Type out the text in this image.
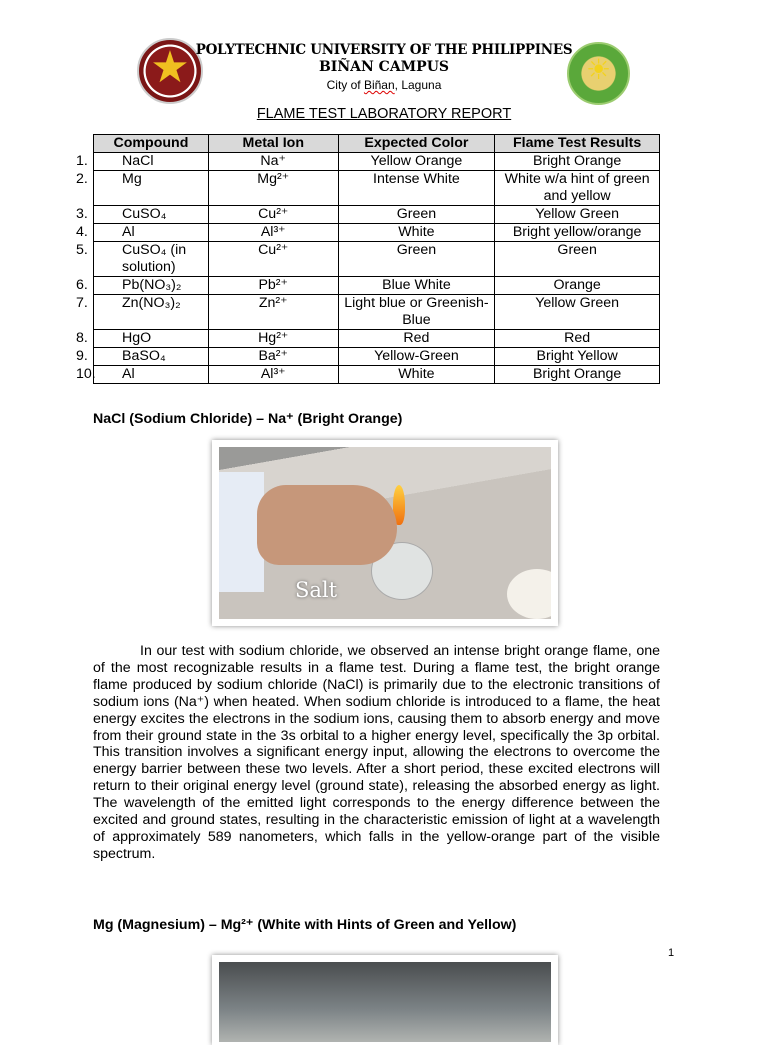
★	☀
POLYTECHNIC UNIVERSITY OF THE PHILIPPINES
BIÑAN CAMPUS
City of Biñan, Laguna
FLAME TEST LABORATORY REPORT
Compound	Metal Ion	Expected Color	Flame Test Results
1. NaCl	Na⁺	Yellow Orange	Bright Orange
2. Mg	Mg²⁺	Intense White	White w/a hint of green and yellow
3. CuSO₄	Cu²⁺	Green	Yellow Green
4. Al	Al³⁺	White	Bright yellow/orange
5. CuSO₄ (in solution)	Cu²⁺	Green	Green
6. Pb(NO₃)₂	Pb²⁺	Blue White	Orange
7. Zn(NO₃)₂	Zn²⁺	Light blue or Greenish-Blue	Yellow Green
8. HgO	Hg²⁺	Red	Red
9. BaSO₄	Ba²⁺	Yellow-Green	Bright Yellow
10. Al	Al³⁺	White	Bright Orange
NaCl (Sodium Chloride) – Na⁺ (Bright Orange)
Salt

In our test with sodium chloride, we observed an intense bright orange flame, one of the most recognizable results in a flame test. During a flame test, the bright orange flame produced by sodium chloride (NaCl) is primarily due to the electronic transitions of sodium ions (Na⁺) when heated. When sodium chloride is introduced to a flame, the heat energy excites the electrons in the sodium ions, causing them to absorb energy and move from their ground state in the 3s orbital to a higher energy level, specifically the 3p orbital. This transition involves a significant energy input, allowing the electrons to overcome the energy barrier between these two levels. After a short period, these excited electrons will return to their original energy level (ground state), releasing the absorbed energy as light. The wavelength of the emitted light corresponds to the energy difference between the excited and ground states, resulting in the characteristic emission of light at a wavelength of approximately 589 nanometers, which falls in the yellow-orange part of the visible spectrum.

Mg (Magnesium) – Mg²⁺ (White with Hints of Green and Yellow)
1
